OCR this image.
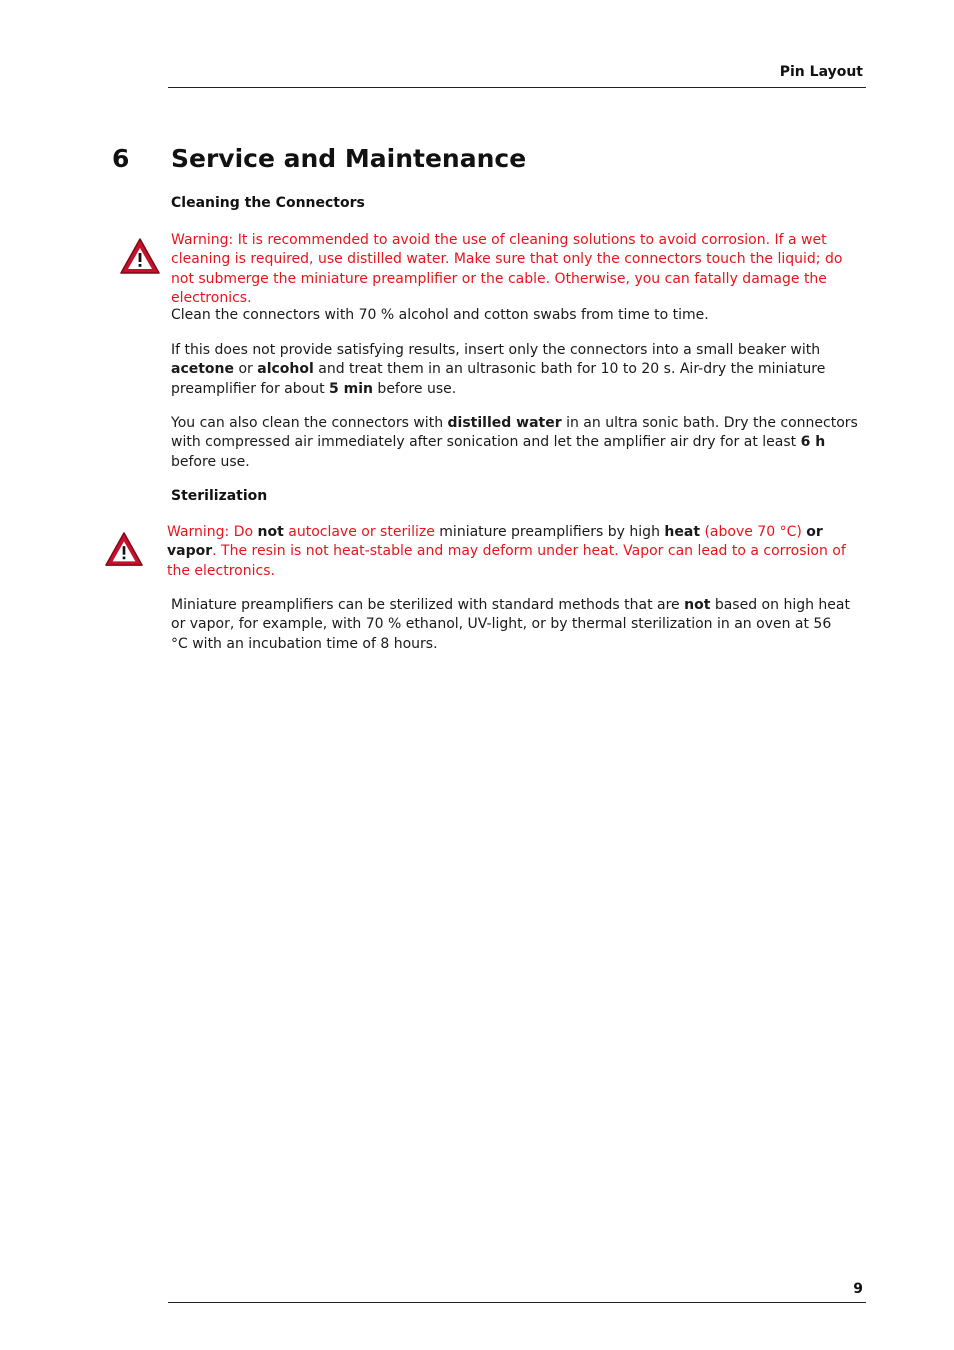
Pin Layout
6 Service and Maintenance
Cleaning the Connectors
Warning: It is recommended to avoid the use of cleaning solutions to avoid corrosion. If a wet cleaning is required, use distilled water. Make sure that only the connectors touch the liquid; do not submerge the miniature preamplifier or the cable. Otherwise, you can fatally damage the electronics.
Clean the connectors with 70 % alcohol and cotton swabs from time to time.
If this does not provide satisfying results, insert only the connectors into a small beaker with acetone or alcohol and treat them in an ultrasonic bath for 10 to 20 s. Air-dry the miniature preamplifier for about 5 min before use.
You can also clean the connectors with distilled water in an ultra sonic bath. Dry the connectors with compressed air immediately after sonication and let the amplifier air dry for at least 6 h before use.
Sterilization
Warning: Do not autoclave or sterilize miniature preamplifiers by high heat (above 70 °C) or vapor. The resin is not heat-stable and may deform under heat. Vapor can lead to a corrosion of the electronics.
Miniature preamplifiers can be sterilized with standard methods that are not based on high heat or vapor, for example, with 70 % ethanol, UV-light, or by thermal sterilization in an oven at 56 °C with an incubation time of 8 hours.
9
